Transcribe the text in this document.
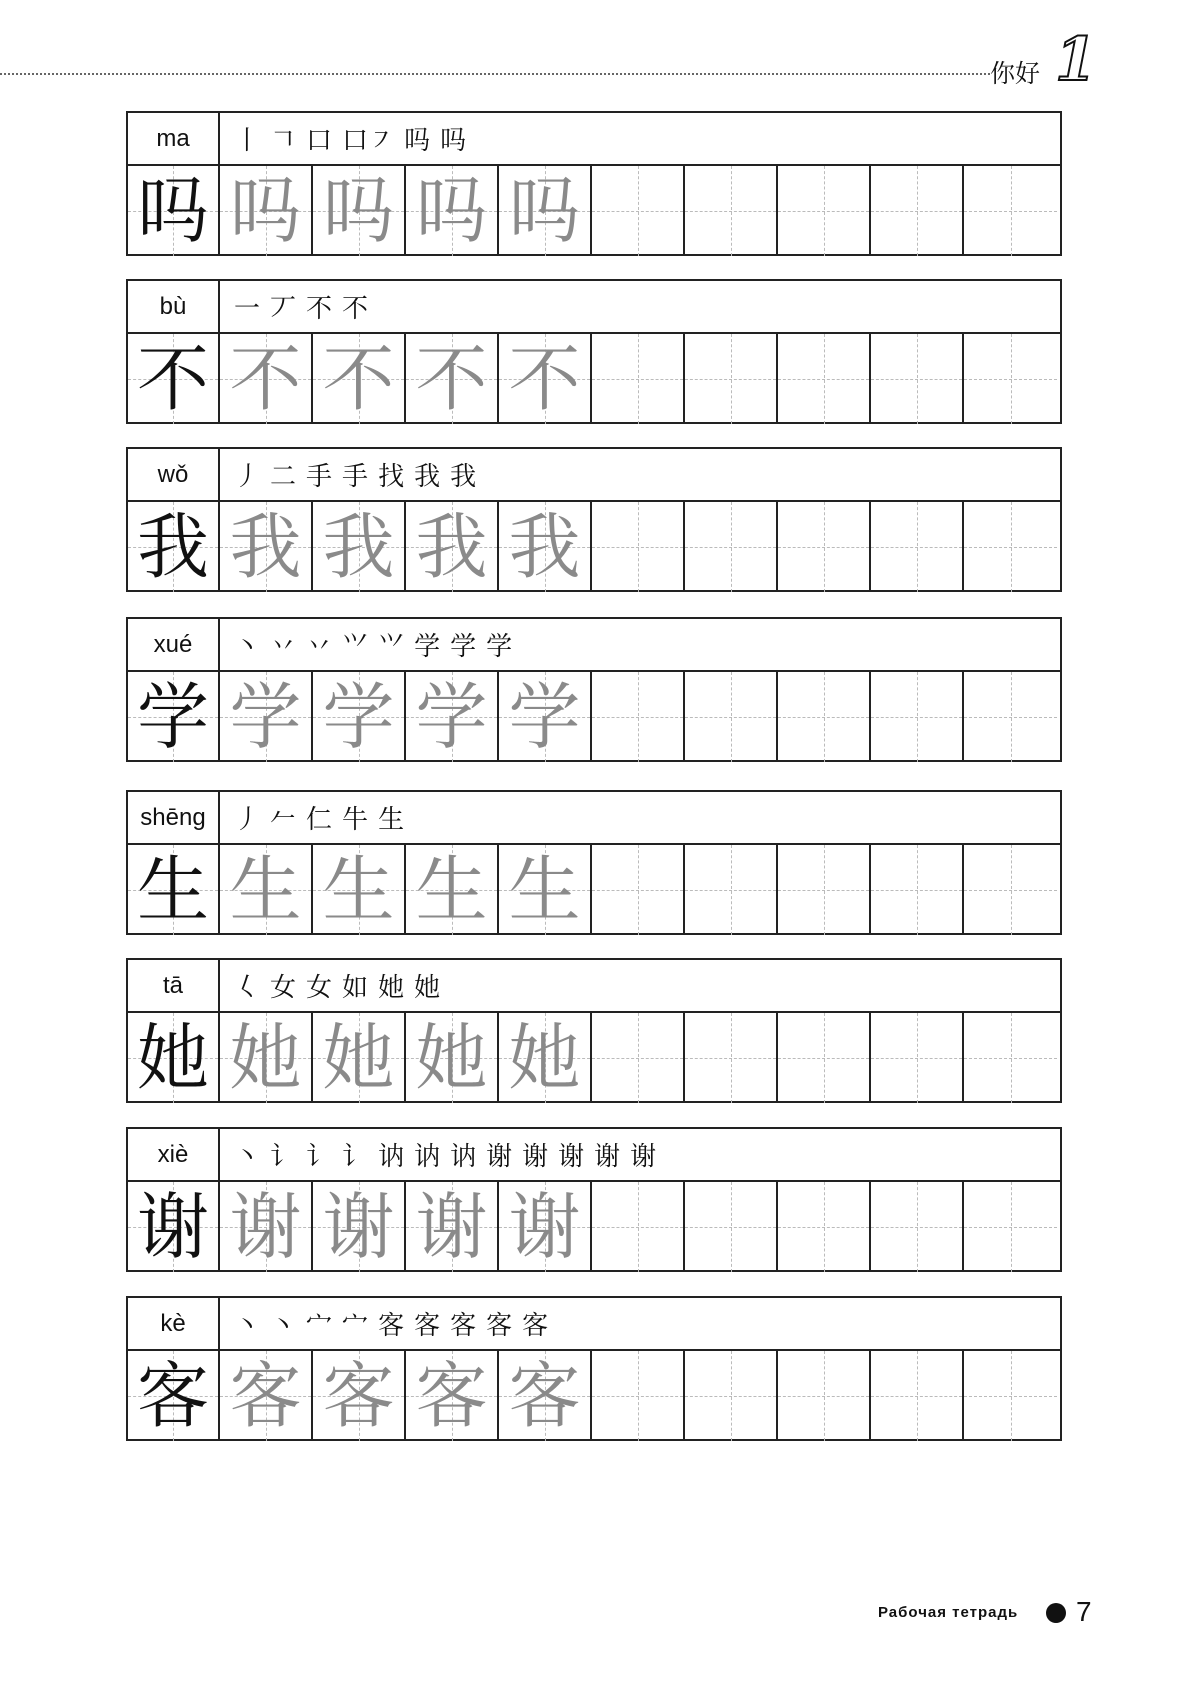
你好 1
ma	丨 𠃍 口 口㇇ 吗 吗
吗 吗 吗 吗 吗
bù	一 丆 不 不
不 不 不 不 不
wǒ	丿 二 手 手 找 我 我
我 我 我 我 我
xué	丶 丷 丷 ⺍ ⺍ 学 学 学
学 学 学 学 学
shēng	丿 𠂉 仁 牛 生
生 生 生 生 生
tā	𡿨 女 女 如 她 她
她 她 她 她 她
xiè	丶 讠 讠 讠 讷 讷 讷 谢 谢 谢 谢 谢
谢 谢 谢 谢 谢
kè	丶 丶 宀 宀 客 客 客 客 客
客 客 客 客 客
Рабочая тетрадь 7
